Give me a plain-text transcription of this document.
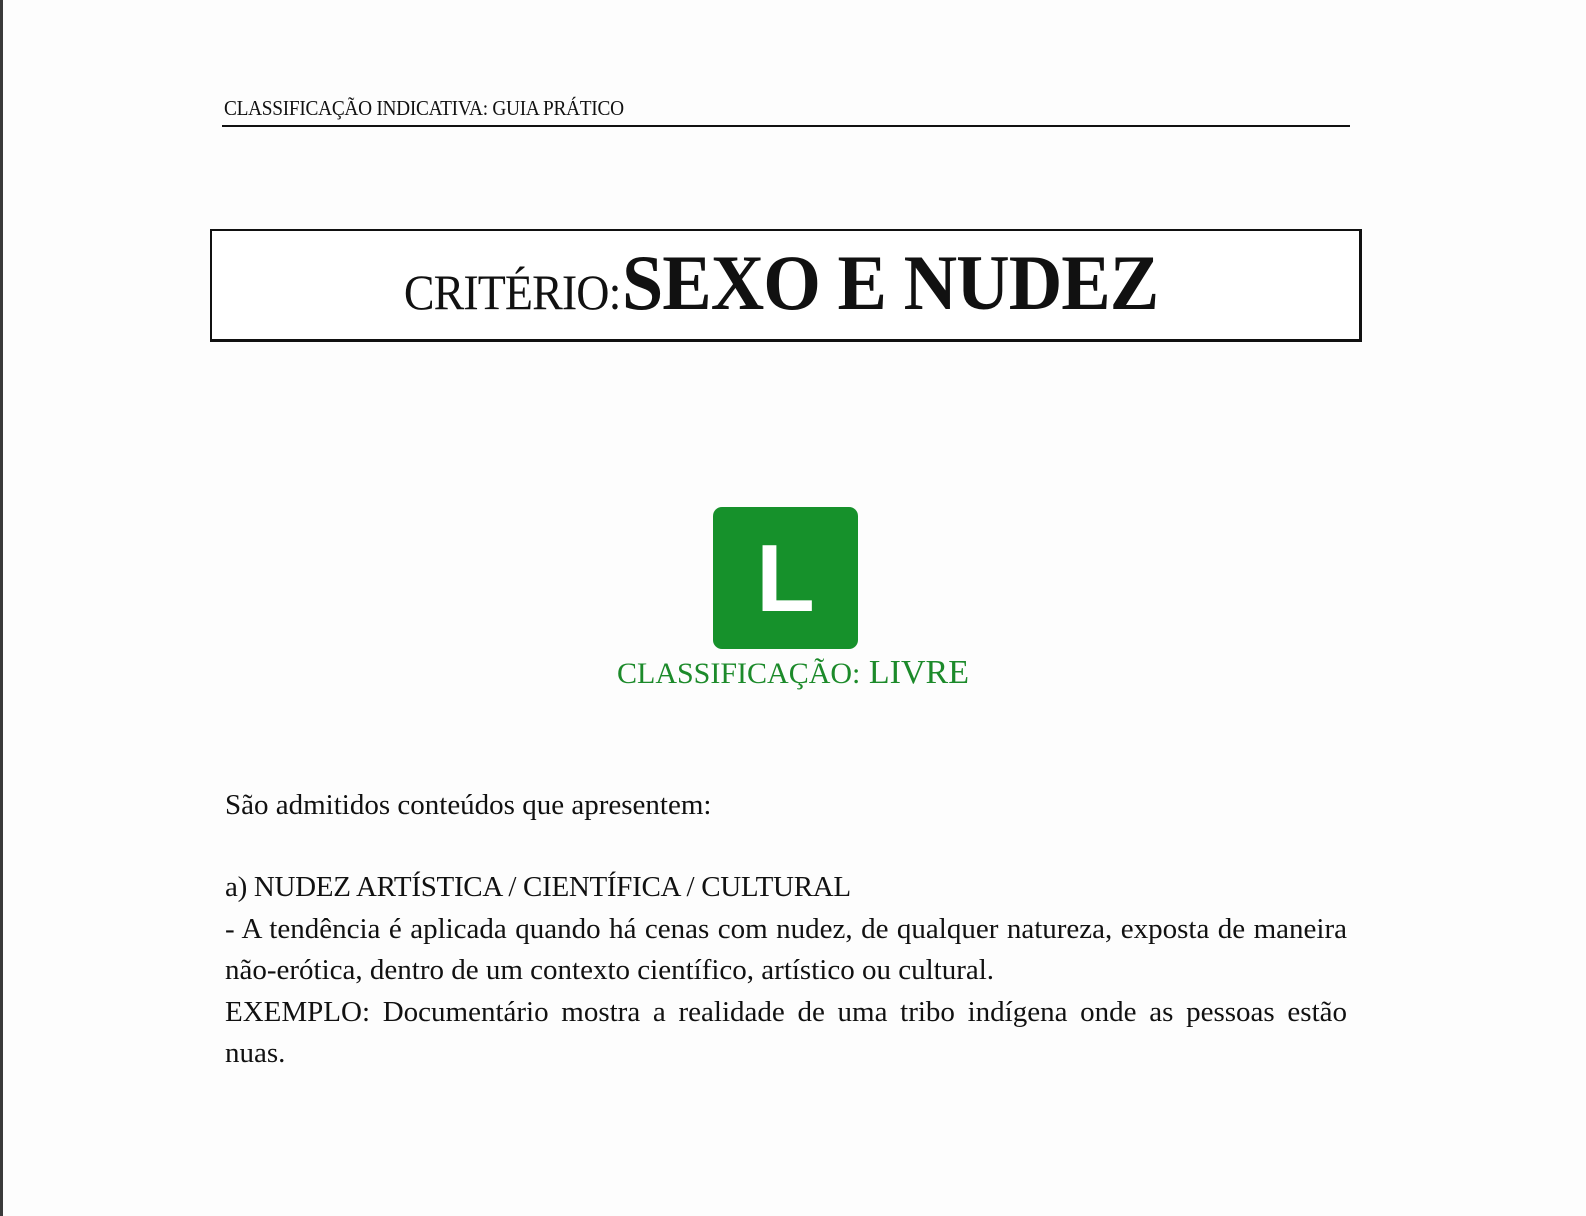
CLASSIFICAÇÃO INDICATIVA: GUIA PRÁTICO
CRITÉRIO: SEXO E NUDEZ
L
CLASSIFICAÇÃO: LIVRE
São admitidos conteúdos que apresentem:
a) NUDEZ ARTÍSTICA / CIENTÍFICA / CULTURAL
- A tendência é aplicada quando há cenas com nudez, de qualquer natureza, exposta de maneira não-erótica, dentro de um contexto científico, artístico ou cultural.
EXEMPLO: Documentário mostra a realidade de uma tribo indígena onde as pessoas estão nuas.
